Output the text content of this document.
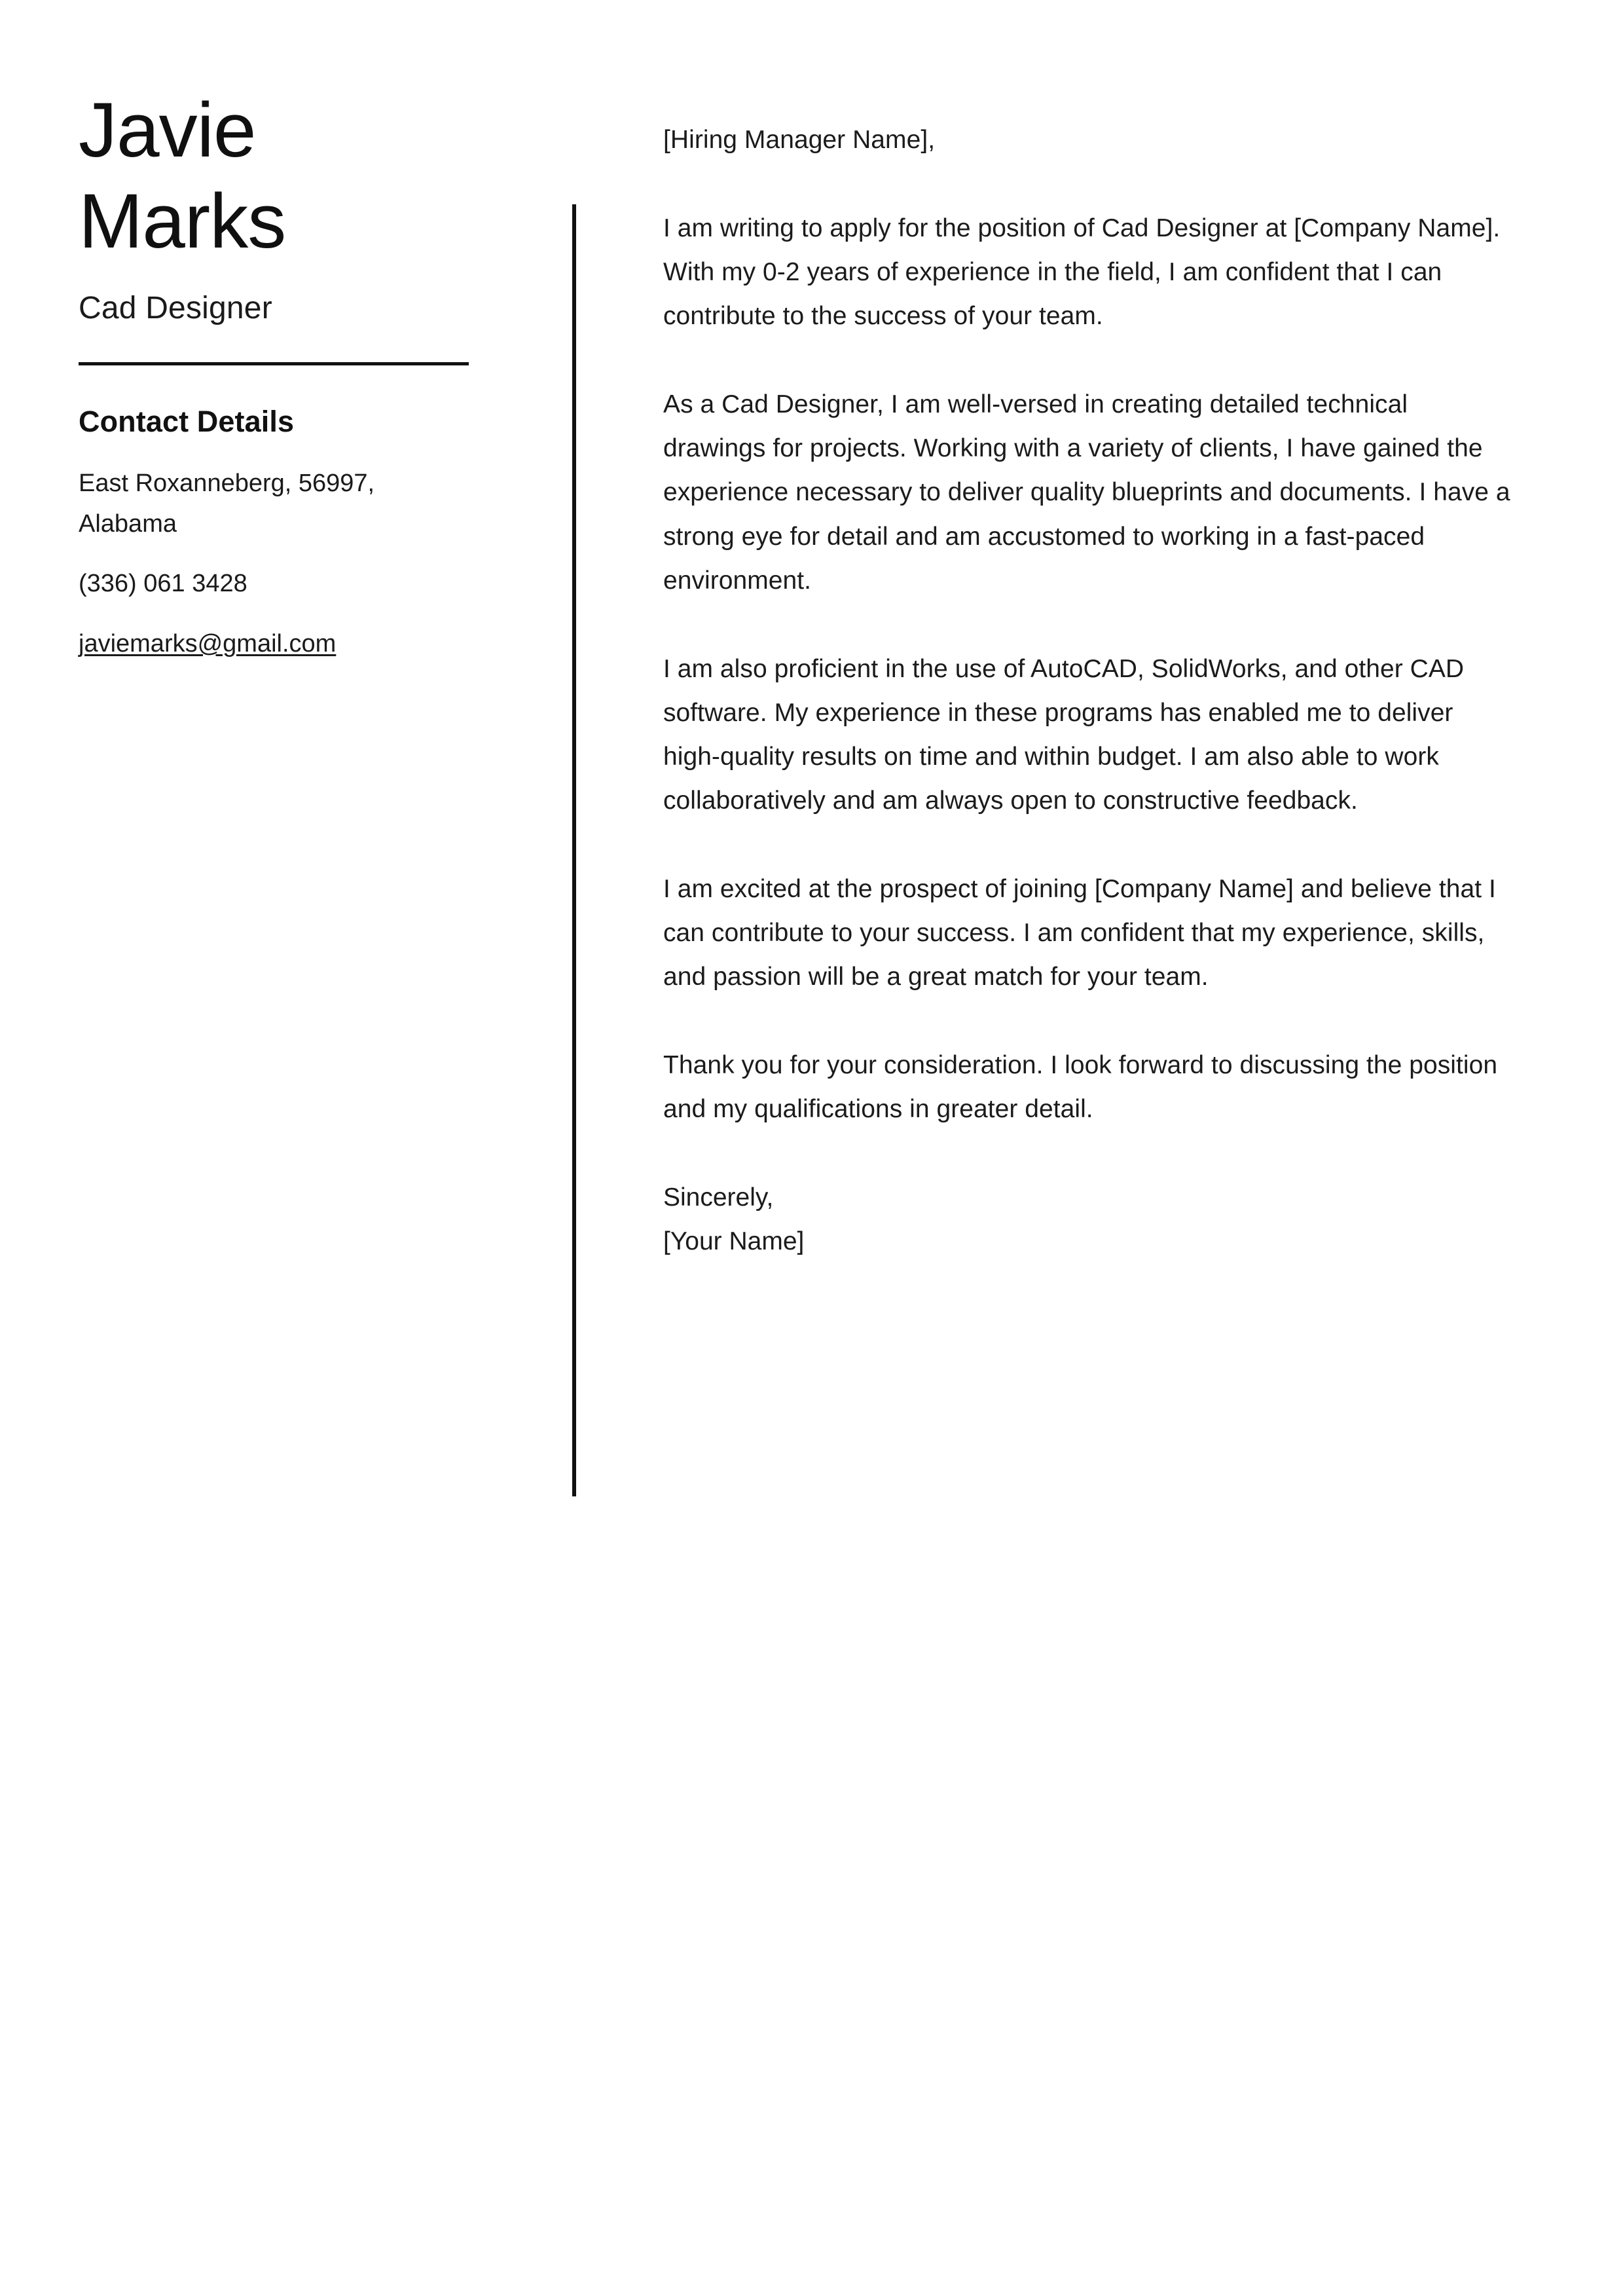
Javie
Marks
Cad Designer
Contact Details
East Roxanneberg, 56997, Alabama
(336) 061 3428
javiemarks@gmail.com

[Hiring Manager Name],

I am writing to apply for the position of Cad Designer at [Company Name]. With my 0-2 years of experience in the field, I am confident that I can contribute to the success of your team.

As a Cad Designer, I am well-versed in creating detailed technical drawings for projects. Working with a variety of clients, I have gained the experience necessary to deliver quality blueprints and documents. I have a strong eye for detail and am accustomed to working in a fast-paced environment.

I am also proficient in the use of AutoCAD, SolidWorks, and other CAD software. My experience in these programs has enabled me to deliver high-quality results on time and within budget. I am also able to work collaboratively and am always open to constructive feedback.

I am excited at the prospect of joining [Company Name] and believe that I can contribute to your success. I am confident that my experience, skills, and passion will be a great match for your team.

Thank you for your consideration. I look forward to discussing the position and my qualifications in greater detail.

Sincerely,
[Your Name]
